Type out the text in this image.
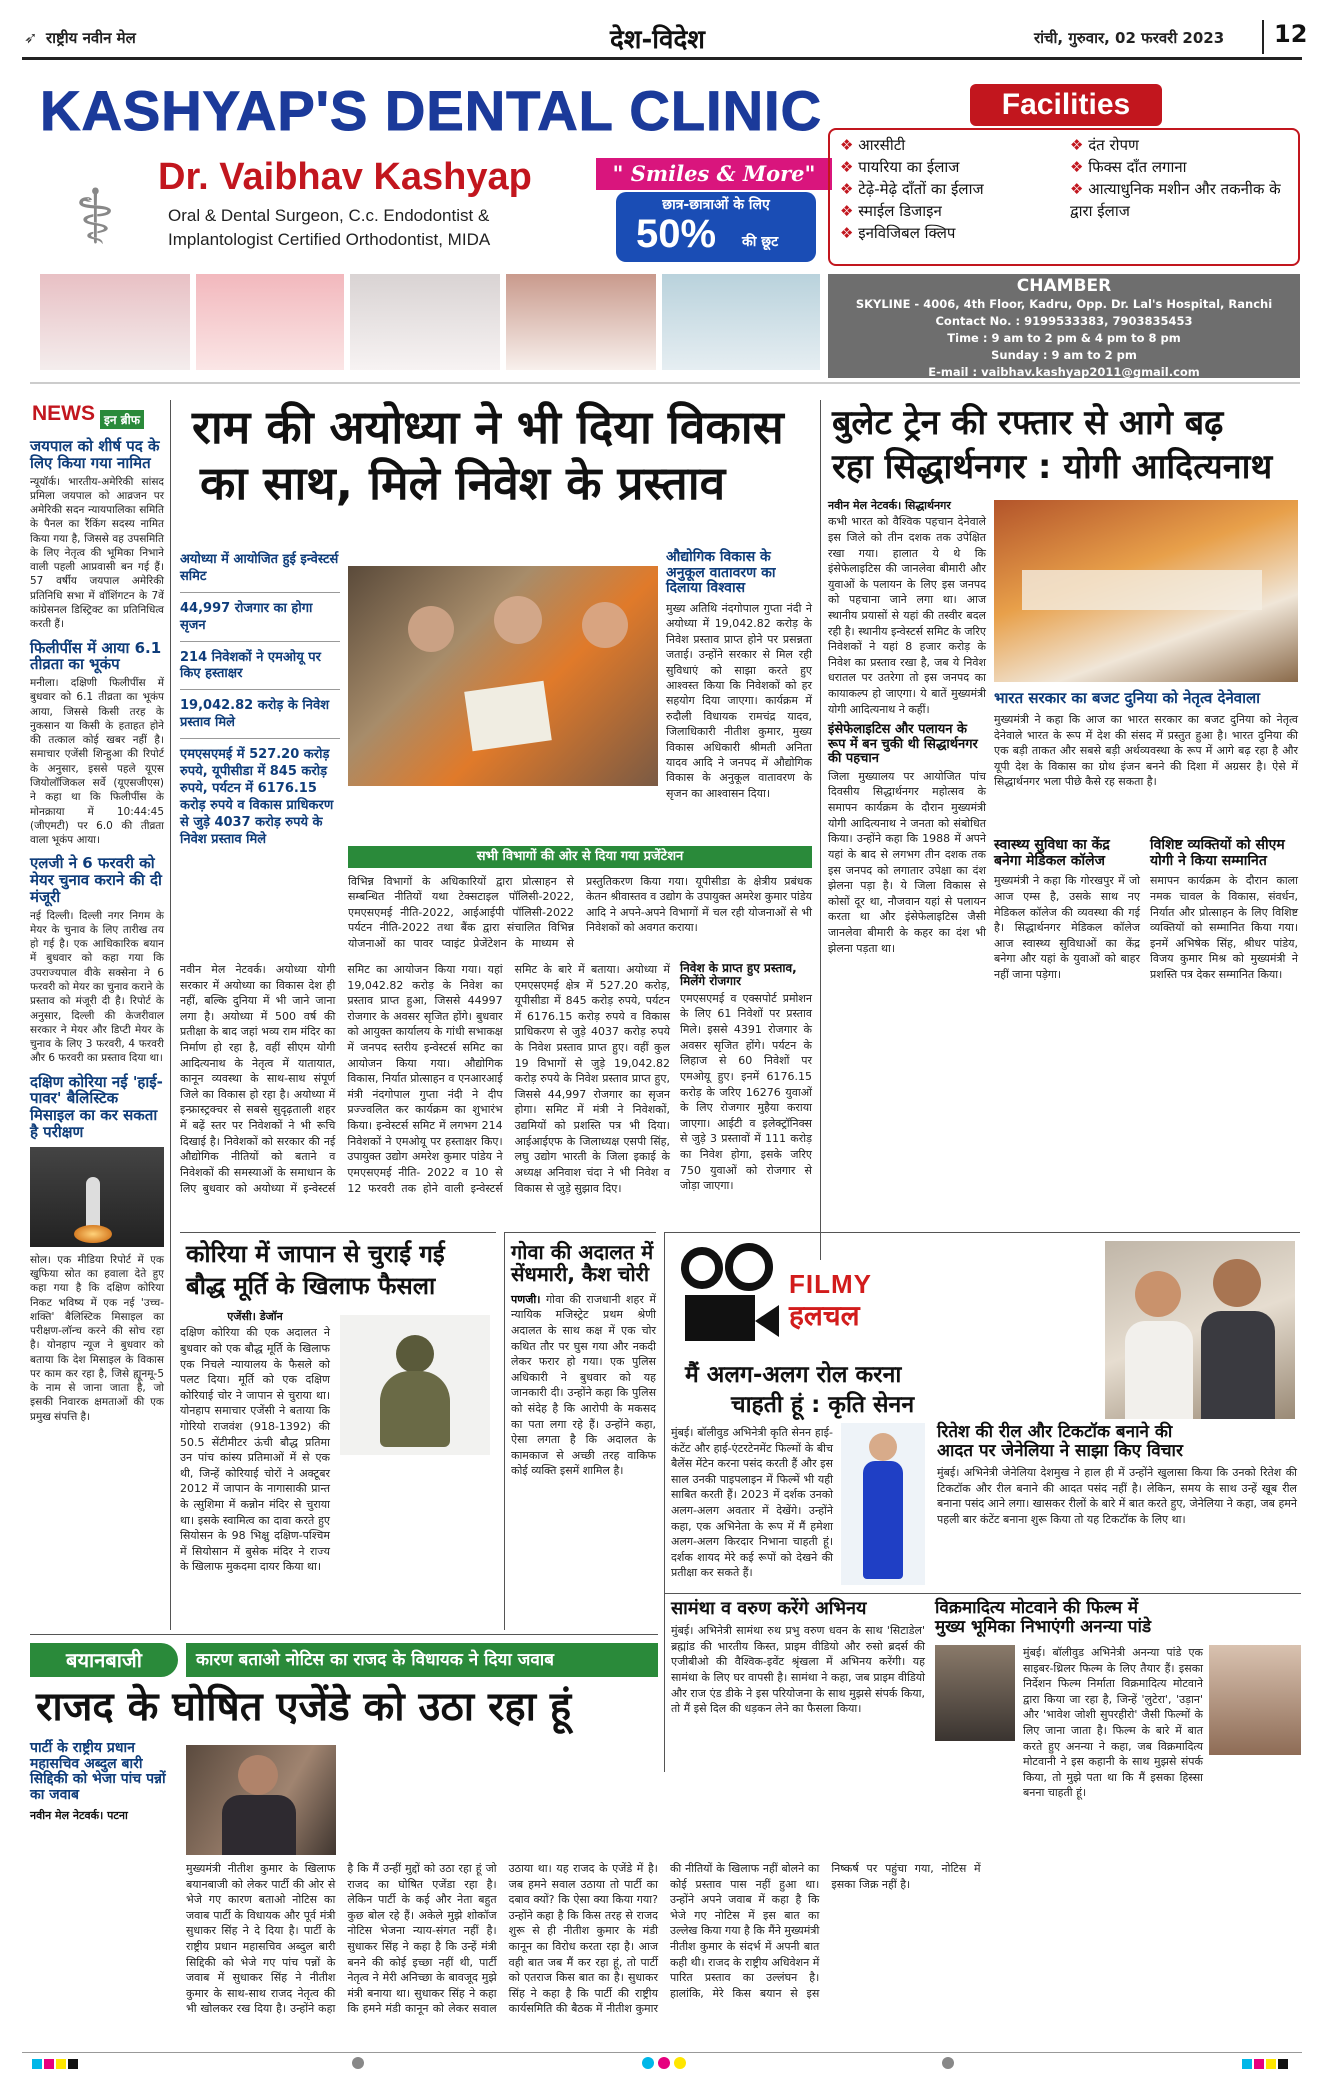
➶ राष्ट्रीय नवीन मेल	देश-विदेश	रांची, गुरुवार, 02 फरवरी 2023 12
KASHYAP'S DENTAL CLINIC
⚕	Dr. Vaibhav Kashyap
Oral & Dental Surgeon, C.c. Endodontist &
Implantologist Certified Orthodontist, MIDA
" Smiles & More"
छात्र-छात्राओं के लिए
50% की छूट
Facilities
❖ आरसीटी
❖ पायरिया का ईलाज
❖ टेढ़े-मेढ़े दाँतों का ईलाज
❖ स्माईल डिजाइन
❖ इनविजिबल क्लिप
❖ दंत रोपण
❖ फिक्स दाँत लगाना
❖ आत्याधुनिक मशीन और तकनीक के द्वारा ईलाज
CHAMBER
SKYLINE - 4006, 4th Floor, Kadru, Opp. Dr. Lal's Hospital, Ranchi
Contact No. : 9199533383, 7903835453
Time : 9 am to 2 pm & 4 pm to 8 pm
Sunday : 9 am to 2 pm
E-mail : vaibhav.kashyap2011@gmail.com
NEWS इन ब्रीफ
जयपाल को शीर्ष पद के लिए किया गया नामित
न्यूयॉर्क। भारतीय-अमेरिकी सांसद प्रमिला जयपाल को आव्रजन पर अमेरिकी सदन न्यायपालिका समिति के पैनल का रैंकिंग सदस्य नामित किया गया है, जिससे वह उपसमिति के लिए नेतृत्व की भूमिका निभाने वाली पहली आप्रवासी बन गई हैं। 57 वर्षीय जयपाल अमेरिकी प्रतिनिधि सभा में वॉशिंगटन के 7वें कांग्रेसनल डिस्ट्रिक्ट का प्रतिनिधित्व करती हैं।
फिलीपींस में आया 6.1 तीव्रता का भूकंप
मनीला। दक्षिणी फिलीपींस में बुधवार को 6.1 तीव्रता का भूकंप आया, जिससे किसी तरह के नुकसान या किसी के हताहत होने की तत्काल कोई खबर नहीं है। समाचार एजेंसी शिन्हुआ की रिपोर्ट के अनुसार, इससे पहले यूएस जियोलॉजिकल सर्वे (यूएसजीएस) ने कहा था कि फिलीपींस के मोनक्राया में 10:44:45 (जीएमटी) पर 6.0 की तीव्रता वाला भूकंप आया।
एलजी ने 6 फरवरी को मेयर चुनाव कराने की दी मंजूरी
नई दिल्ली। दिल्ली नगर निगम के मेयर के चुनाव के लिए तारीख तय हो गई है। एक आधिकारिक बयान में बुधवार को कहा गया कि उपराज्यपाल वीके सक्सेना ने 6 फरवरी को मेयर का चुनाव कराने के प्रस्ताव को मंजूरी दी है। रिपोर्ट के अनुसार, दिल्ली की केजरीवाल सरकार ने मेयर और डिप्टी मेयर के चुनाव के लिए 3 फरवरी, 4 फरवरी और 6 फरवरी का प्रस्ताव दिया था।
दक्षिण कोरिया नई 'हाई-पावर' बैलिस्टिक मिसाइल का कर सकता है परीक्षण
सोल। एक मीडिया रिपोर्ट में एक खुफिया स्रोत का हवाला देते हुए कहा गया है कि दक्षिण कोरिया निकट भविष्य में एक नई 'उच्च-शक्ति' बैलिस्टिक मिसाइल का परीक्षण-लॉन्च करने की सोच रहा है। योनहाप न्यूज ने बुधवार को बताया कि देश मिसाइल के विकास पर काम कर रहा है, जिसे ह्यूनमू-5 के नाम से जाना जाता है, जो इसकी निवारक क्षमताओं की एक प्रमुख संपत्ति है।
राम की अयोध्या ने भी दिया विकास
का साथ, मिले निवेश के प्रस्ताव
अयोध्या में आयोजित हुई इन्वेस्टर्स समिट
44,997 रोजगार का होगा सृजन
214 निवेशकों ने एमओयू पर किए हस्ताक्षर
19,042.82 करोड़ के निवेश प्रस्ताव मिले
एमएसएमई में 527.20 करोड़ रुपये, यूपीसीडा में 845 करोड़ रुपये, पर्यटन में 6176.15 करोड़ रुपये व विकास प्राधिकरण से जुड़े 4037 करोड़ रुपये के निवेश प्रस्ताव मिले
औद्योगिक विकास के अनुकूल वातावरण का दिलाया विश्वास
मुख्य अतिथि नंदगोपाल गुप्ता नंदी ने अयोध्या में 19,042.82 करोड़ के निवेश प्रस्ताव प्राप्त होने पर प्रसन्नता जताई। उन्होंने सरकार से मिल रही सुविधाएं को साझा करते हुए आश्वस्त किया कि निवेशकों को हर सहयोग दिया जाएगा। कार्यक्रम में रुदौली विधायक रामचंद्र यादव, जिलाधिकारी नीतीश कुमार, मुख्य विकास अधिकारी श्रीमती अनिता यादव आदि ने जनपद में औद्योगिक विकास के अनुकूल वातावरण के सृजन का आश्वासन दिया।
सभी विभागों की ओर से दिया गया प्रजेंटेशन
विभिन्न विभागों के अधिकारियों द्वारा प्रोत्साहन से सम्बन्धित नीतियों यथा टेक्सटाइल पॉलिसी-2022, एमएसएमई नीति-2022, आईआईपी पॉलिसी-2022 पर्यटन नीति-2022 तथा बैंक द्वारा संचालित विभिन्न योजनाओं का पावर प्वाइंट प्रेजेंटेशन के माध्यम से प्रस्तुतिकरण किया गया। यूपीसीडा के क्षेत्रीय प्रबंधक केतन श्रीवास्तव व उद्योग के उपायुक्त अमरेश कुमार पांडेय आदि ने अपने-अपने विभागों में चल रही योजनाओं से भी निवेशकों को अवगत कराया।
नवीन मेल नेटवर्क। अयोध्या योगी सरकार में अयोध्या का विकास देश ही नहीं, बल्कि दुनिया में भी जाने जाना लगा है। अयोध्या में 500 वर्ष की प्रतीक्षा के बाद जहां भव्य राम मंदिर का निर्माण हो रहा है, वहीं सीएम योगी आदित्यनाथ के नेतृत्व में यातायात, कानून व्यवस्था के साथ-साथ संपूर्ण जिले का विकास हो रहा है। अयोध्या में इन्फ्रास्ट्रक्चर से सबसे सुदृढ़ताली शहर में बढ़ें स्तर पर निवेशकों ने भी रूचि दिखाई है। निवेशकों को सरकार की नई औद्योगिक नीतियों को बताने व निवेशकों की समस्याओं के समाधान के लिए बुधवार को अयोध्या में इन्वेस्टर्स समिट का आयोजन किया गया। यहां 19,042.82 करोड़ के निवेश का प्रस्ताव प्राप्त हुआ, जिससे 44997 रोजगार के अवसर सृजित होंगे। बुधवार को आयुक्त कार्यालय के गांधी सभाकक्ष में जनपद स्तरीय इन्वेस्टर्स समिट का आयोजन किया गया। औद्योगिक विकास, निर्यात प्रोत्साहन व एनआरआई मंत्री नंदगोपाल गुप्ता नंदी ने दीप प्रज्ज्वलित कर कार्यक्रम का शुभारंभ किया। इन्वेस्टर्स समिट में लगभग 214 निवेशकों ने एमओयू पर हस्ताक्षर किए। उपायुक्त उद्योग अमरेश कुमार पांडेय ने एमएसएमई नीति- 2022 व 10 से 12 फरवरी तक होने वाली इन्वेस्टर्स समिट के बारे में बताया। अयोध्या में एमएसएमई क्षेत्र में 527.20 करोड़, यूपीसीडा में 845 करोड़ रुपये, पर्यटन में 6176.15 करोड़ रुपये व विकास प्राधिकरण से जुड़े 4037 करोड़ रुपये के निवेश प्रस्ताव प्राप्त हुए। वहीं कुल 19 विभागों से जुड़े 19,042.82 करोड़ रुपये के निवेश प्रस्ताव प्राप्त हुए, जिससे 44,997 रोजगार का सृजन होगा। समिट में मंत्री ने निवेशकों, उद्यमियों को प्रशस्ति पत्र भी दिया। आईआईएफ के जिलाध्यक्ष एसपी सिंह, लघु उद्योग भारती के जिला इकाई के अध्यक्ष अनिवाश चंदा ने भी निवेश व विकास से जुड़े सुझाव दिए।
निवेश के प्राप्त हुए प्रस्ताव, मिलेंगे रोजगार
एमएसएमई व एक्सपोर्ट प्रमोशन के लिए 61 निवेशों पर प्रस्ताव मिले। इससे 4391 रोजगार के अवसर सृजित होंगे। पर्यटन के लिहाज से 60 निवेशों पर एमओयू हुए। इनमें 6176.15 करोड़ के जरिए 16276 युवाओं के लिए रोजगार मुहैया कराया जाएगा। आईटी व इलेक्ट्रॉनिक्स से जुड़े 3 प्रस्तावों में 111 करोड़ का निवेश होगा, इसके जरिए 750 युवाओं को रोजगार से जोड़ा जाएगा।
बुलेट ट्रेन की रफ्तार से आगे बढ़
रहा सिद्धार्थनगर : योगी आदित्यनाथ
नवीन मेल नेटवर्क। सिद्धार्थनगर
कभी भारत को वैश्विक पहचान देनेवाले इस जिले को तीन दशक तक उपेक्षित रखा गया। हालात ये थे कि इंसेफेलाइटिस की जानलेवा बीमारी और युवाओं के पलायन के लिए इस जनपद को पहचाना जाने लगा था। आज स्थानीय प्रयासों से यहां की तस्वीर बदल रही है। स्थानीय इन्वेस्टर्स समिट के जरिए निवेशकों ने यहां 8 हजार करोड़ के निवेश का प्रस्ताव रखा है, जब ये निवेश धरातल पर उतरेगा तो इस जनपद का कायाकल्प हो जाएगा। ये बातें मुख्यमंत्री योगी आदित्यनाथ ने कहीं।
इंसेफेलाइटिस और पलायन के रूप में बन चुकी थी सिद्धार्थनगर की पहचान
जिला मुख्यालय पर आयोजित पांच दिवसीय सिद्धार्थनगर महोत्सव के समापन कार्यक्रम के दौरान मुख्यमंत्री योगी आदित्यनाथ ने जनता को संबोधित किया। उन्होंने कहा कि 1988 में अपने यहां के बाद से लगभग तीन दशक तक इस जनपद को लगातार उपेक्षा का दंश झेलना पड़ा है। ये जिला विकास से कोसों दूर था, नौजवान यहां से पलायन करता था और इंसेफेलाइटिस जैसी जानलेवा बीमारी के कहर का दंश भी झेलना पड़ता था।
भारत सरकार का बजट दुनिया को नेतृत्व देनेवाला
मुख्यमंत्री ने कहा कि आज का भारत सरकार का बजट दुनिया को नेतृत्व देनेवाले भारत के रूप में देश की संसद में प्रस्तुत हुआ है। भारत दुनिया की एक बड़ी ताकत और सबसे बड़ी अर्थव्यवस्था के रूप में आगे बढ़ रहा है और यूपी देश के विकास का ग्रोथ इंजन बनने की दिशा में अग्रसर है। ऐसे में सिद्धार्थनगर भला पीछे कैसे रह सकता है।
स्वास्थ्य सुविधा का केंद्र बनेगा मेडिकल कॉलेज
मुख्यमंत्री ने कहा कि गोरखपुर में जो आज एम्स है, उसके साथ नए मेडिकल कॉलेज की व्यवस्था की गई है। सिद्धार्थनगर मेडिकल कॉलेज आज स्वास्थ्य सुविधाओं का केंद्र बनेगा और यहां के युवाओं को बाहर नहीं जाना पड़ेगा।
विशिष्ट व्यक्तियों को सीएम योगी ने किया सम्मानित
समापन कार्यक्रम के दौरान काला नमक चावल के विकास, संवर्धन, निर्यात और प्रोत्साहन के लिए विशिष्ट व्यक्तियों को सम्मानित किया गया। इनमें अभिषेक सिंह, श्रीधर पांडेय, विजय कुमार मिश्र को मुख्यमंत्री ने प्रशस्ति पत्र देकर सम्मानित किया।
कोरिया में जापान से चुराई गई
बौद्ध मूर्ति के खिलाफ फैसला
एजेंसी। डेजॉन
दक्षिण कोरिया की एक अदालत ने बुधवार को एक बौद्ध मूर्ति के खिलाफ एक निचले न्यायालय के फैसले को पलट दिया। मूर्ति को एक दक्षिण कोरियाई चोर ने जापान से चुराया था। योनहाप समाचार एजेंसी ने बताया कि गोरियो राजवंश (918-1392) की 50.5 सेंटीमीटर ऊंची बौद्ध प्रतिमा उन पांच कांस्य प्रतिमाओं में से एक थी, जिन्हें कोरियाई चोरों ने अक्टूबर 2012 में जापान के नागासाकी प्रान्त के त्सुशिमा में कन्नोन मंदिर से चुराया था। इसके स्वामित्व का दावा करते हुए सियोसन के 98 भिक्षु दक्षिण-पश्चिम में सियोसान में बुसेक मंदिर ने राज्य के खिलाफ मुकदमा दायर किया था।
गोवा की अदालत में
सेंधमारी, कैश चोरी
पणजी। गोवा की राजधानी शहर में न्यायिक मजिस्ट्रेट प्रथम श्रेणी अदालत के साथ कक्ष में एक चोर कथित तौर पर घुस गया और नकदी लेकर फरार हो गया। एक पुलिस अधिकारी ने बुधवार को यह जानकारी दी। उन्होंने कहा कि पुलिस को संदेह है कि आरोपी के मकसद का पता लगा रहे हैं। उन्होंने कहा, ऐसा लगता है कि अदालत के कामकाज से अच्छी तरह वाकिफ कोई व्यक्ति इसमें शामिल है।
FILMY
हलचल
मैं अलग-अलग रोल करना
चाहती हूं : कृति सेनन
मुंबई। बॉलीवुड अभिनेत्री कृति सेनन हाई-कंटेंट और हाई-एंटरटेनमेंट फिल्मों के बीच बैलेंस मेंटेन करना पसंद करती हैं और इस साल उनकी पाइपलाइन में फिल्में भी यही साबित करती हैं। 2023 में दर्शक उनको अलग-अलग अवतार में देखेंगे। उन्होंने कहा, एक अभिनेता के रूप में मैं हमेशा अलग-अलग किरदार निभाना चाहती हूं। दर्शक शायद मेरे कई रूपों को देखने की प्रतीक्षा कर सकते हैं।
रितेश की रील और टिकटॉक बनाने की
आदत पर जेनेलिया ने साझा किए विचार
मुंबई। अभिनेत्री जेनेलिया देशमुख ने हाल ही में उन्होंने खुलासा किया कि उनको रितेश की टिकटॉक और रील बनाने की आदत पसंद नहीं है। लेकिन, समय के साथ उन्हें खूब रील बनाना पसंद आने लगा। खासकर रीलों के बारे में बात करते हुए, जेनेलिया ने कहा, जब हमने पहली बार कंटेंट बनाना शुरू किया तो यह टिकटॉक के लिए था।
सामंथा व वरुण करेंगे अभिनय
मुंबई। अभिनेत्री सामंथा रुथ प्रभु वरुण धवन के साथ 'सिटाडेल' ब्रह्मांड की भारतीय किस्त, प्राइम वीडियो और रुसो ब्रदर्स की एजीबीओ की वैश्विक-इवेंट श्रृंखला में अभिनय करेंगी। यह सामंथा के लिए घर वापसी है। सामंथा ने कहा, जब प्राइम वीडियो और राज एंड डीके ने इस परियोजना के साथ मुझसे संपर्क किया, तो मैं इसे दिल की धड़कन लेने का फैसला किया।
विक्रमादित्य मोटवाने की फिल्म में
मुख्य भूमिका निभाएंगी अनन्या पांडे
मुंबई। बॉलीवुड अभिनेत्री अनन्या पांडे एक साइबर-थ्रिलर फिल्म के लिए तैयार हैं। इसका निर्देशन फिल्म निर्माता विक्रमादित्य मोटवाने द्वारा किया जा रहा है, जिन्हें 'लुटेरा', 'उड़ान' और 'भावेश जोशी सुपरहीरो' जैसी फिल्मों के लिए जाना जाता है। फिल्म के बारे में बात करते हुए अनन्या ने कहा, जब विक्रमादित्य मोटवानी ने इस कहानी के साथ मुझसे संपर्क किया, तो मुझे पता था कि मैं इसका हिस्सा बनना चाहती हूं।
बयानबाजी	कारण बताओ नोटिस का राजद के विधायक ने दिया जवाब
राजद के घोषित एजेंडे को उठा रहा हूं
पार्टी के राष्ट्रीय प्रधान महासचिव अब्दुल बारी सिद्दिकी को भेजा पांच पन्नों का जवाब
नवीन मेल नेटवर्क। पटना
मुख्यमंत्री नीतीश कुमार के खिलाफ बयानबाजी को लेकर पार्टी की ओर से भेजे गए कारण बताओ नोटिस का जवाब पार्टी के विधायक और पूर्व मंत्री सुधाकर सिंह ने दे दिया है। पार्टी के राष्ट्रीय प्रधान महासचिव अब्दुल बारी सिद्दिकी को भेजे गए पांच पन्नों के जवाब में सुधाकर सिंह ने नीतीश कुमार के साथ-साथ राजद नेतृत्व की भी खोलकर रख दिया है। उन्होंने कहा है कि मैं उन्हीं मुद्दों को उठा रहा हूं जो राजद का घोषित एजेंडा रहा है। लेकिन पार्टी के कई और नेता बहुत कुछ बोल रहे हैं। अकेले मुझे शोकॉज नोटिस भेजना न्याय-संगत नहीं है। सुधाकर सिंह ने कहा है कि उन्हें मंत्री बनने की कोई इच्छा नहीं थी, पार्टी नेतृत्व ने मेरी अनिच्छा के बावजूद मुझे मंत्री बनाया था। सुधाकर सिंह ने कहा कि हमने मंडी कानून को लेकर सवाल उठाया था। यह राजद के एजेंडे में है। जब हमने सवाल उठाया तो पार्टी का दबाव क्यों? कि ऐसा क्या किया गया? उन्होंने कहा है कि किस तरह से राजद शुरू से ही नीतीश कुमार के मंडी कानून का विरोध करता रहा है। आज वही बात जब मैं कर रहा हूं, तो पार्टी को एतराज किस बात का है। सुधाकर सिंह ने कहा है कि पार्टी की राष्ट्रीय कार्यसमिति की बैठक में नीतीश कुमार की नीतियों के खिलाफ नहीं बोलने का कोई प्रस्ताव पास नहीं हुआ था। उन्होंने अपने जवाब में कहा है कि भेजे गए नोटिस में इस बात का उल्लेख किया गया है कि मैंने मुख्यमंत्री नीतीश कुमार के संदर्भ में अपनी बात कही थी। राजद के राष्ट्रीय अधिवेशन में पारित प्रस्ताव का उल्लंघन है। हालांकि, मेरे किस बयान से इस निष्कर्ष पर पहुंचा गया, नोटिस में इसका जिक्र नहीं है।
